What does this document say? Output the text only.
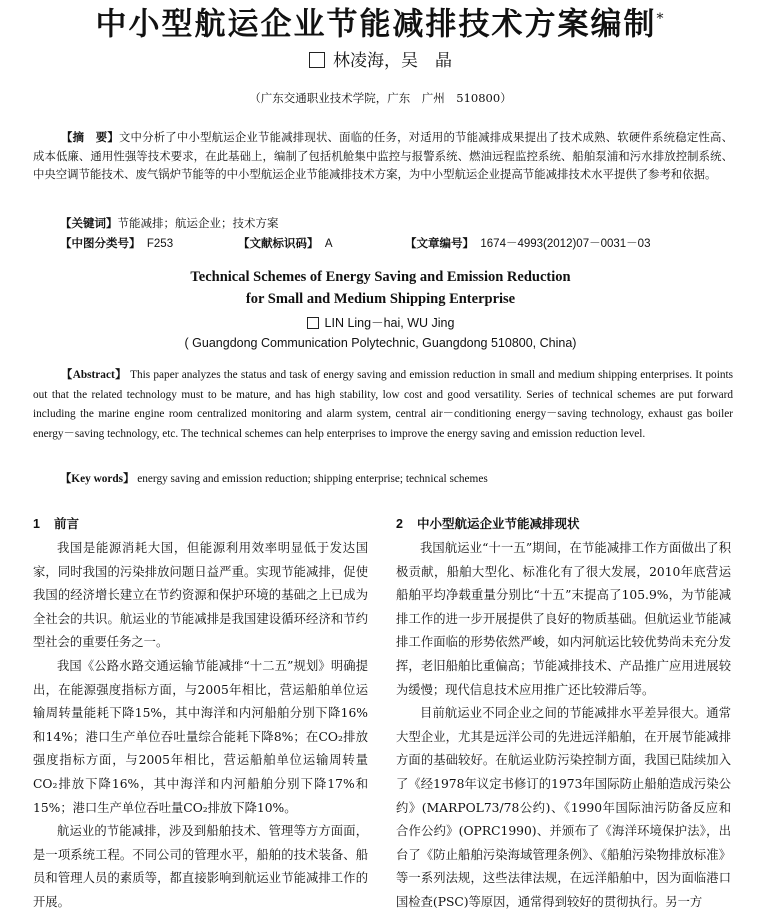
中小型航运企业节能减排技术方案编制*
林凌海，吴　晶
（广东交通职业技术学院，广东　广州　510800）
【摘　要】文中分析了中小型航运企业节能减排现状、面临的任务，对适用的节能减排成果提出了技术成熟、软硬件系统稳定性高、成本低廉、通用性强等技术要求，在此基础上，编制了包括机舱集中监控与报警系统、燃油远程监控系统、船舶泵浦和污水排放控制系统、中央空调节能技术、废气锅炉节能等的中小型航运企业节能减排技术方案，为中小型航运企业提高节能减排技术水平提供了参考和依据。
【关键词】节能减排；航运企业；技术方案
【中图分类号】 F253	【文献标识码】 A	【文章编号】 1674－4993(2012)07－0031－03
Technical Schemes of Energy Saving and Emission Reduction
for Small and Medium Shipping Enterprise
LIN Ling－hai, WU Jing
( Guangdong Communication Polytechnic, Guangdong 510800, China)
【Abstract】 This paper analyzes the status and task of energy saving and emission reduction in small and medium shipping enterprises. It points out that the related technology must to be mature, and has high stability, low cost and good versatility. Series of technical schemes are put forward including the marine engine room centralized monitoring and alarm system, central air－conditioning energy－saving technology, exhaust gas boiler energy－saving technology, etc. The technical schemes can help enterprises to improve the energy saving and emission reduction level.
【Key words】 energy saving and emission reduction; shipping enterprise; technical schemes
1 前言

我国是能源消耗大国，但能源利用效率明显低于发达国家，同时我国的污染排放问题日益严重。实现节能减排，促使我国的经济增长建立在节约资源和保护环境的基础之上已成为全社会的共识。航运业的节能减排是我国建设循环经济和节约型社会的重要任务之一。

我国《公路水路交通运输节能减排“十二五”规划》明确提出，在能源强度指标方面，与2005年相比，营运船舶单位运输周转量能耗下降15%，其中海洋和内河船舶分别下降16%和14%；港口生产单位吞吐量综合能耗下降8%；在CO₂排放强度指标方面，与2005年相比，营运船舶单位运输周转量CO₂排放下降16%，其中海洋和内河船舶分别下降17%和15%；港口生产单位吞吐量CO₂排放下降10%。

航运业的节能减排，涉及到船舶技术、管理等方方面面，是一项系统工程。不同公司的管理水平，船舶的技术装备、船员和管理人员的素质等，都直接影响到航运业节能减排工作的开展。

2 中小型航运企业节能减排现状

我国航运业“十一五”期间，在节能减排工作方面做出了积极贡献，船舶大型化、标准化有了很大发展，2010年底营运船舶平均净载重量分别比“十五”末提高了105.9%，为节能减排工作的进一步开展提供了良好的物质基础。但航运业节能减排工作面临的形势依然严峻，如内河航运比较优势尚未充分发挥，老旧船舶比重偏高；节能减排技术、产品推广应用进展较为缓慢；现代信息技术应用推广还比较滞后等。

目前航运业不同企业之间的节能减排水平差异很大。通常大型企业，尤其是远洋公司的先进远洋船舶，在开展节能减排方面的基础较好。在航运业防污染控制方面，我国已陆续加入了《经1978年议定书修订的1973年国际防止船舶造成污染公约》(MARPOL73/78公约)、《1990年国际油污防备反应和合作公约》(OPRC1990)、并颁布了《海洋环境保护法》，出台了《防止船舶污染海域管理条例》、《船舶污染物排放标准》等一系列法规，这些法律法规，在远洋船舶中，因为面临港口国检查(PSC)等原因，通常得到较好的贯彻执行。另一方
